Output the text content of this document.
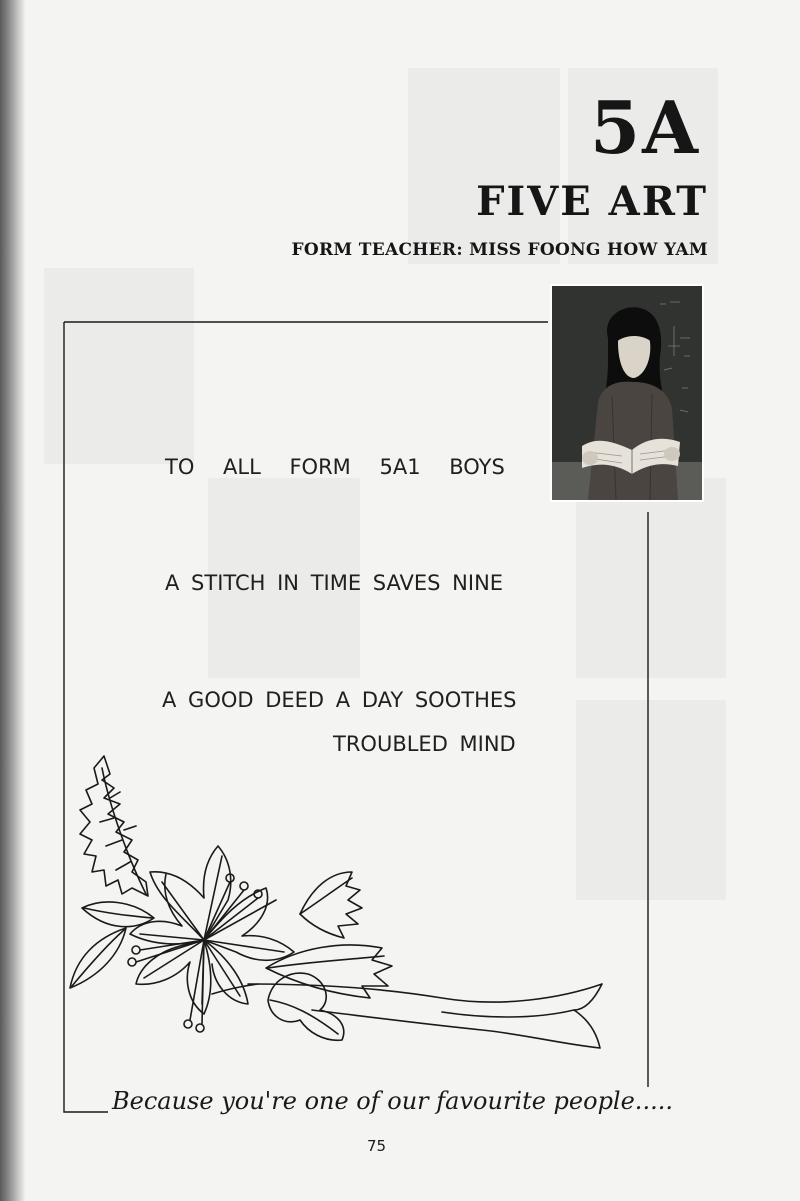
5A
FIVE ART
FORM TEACHER: MISS FOONG HOW YAM
TO ALL FORM 5A1 BOYS
A STITCH IN TIME SAVES NINE
A GOOD DEED A DAY SOOTHES
TROUBLED MIND
Because you're one of our favourite people.....
75
